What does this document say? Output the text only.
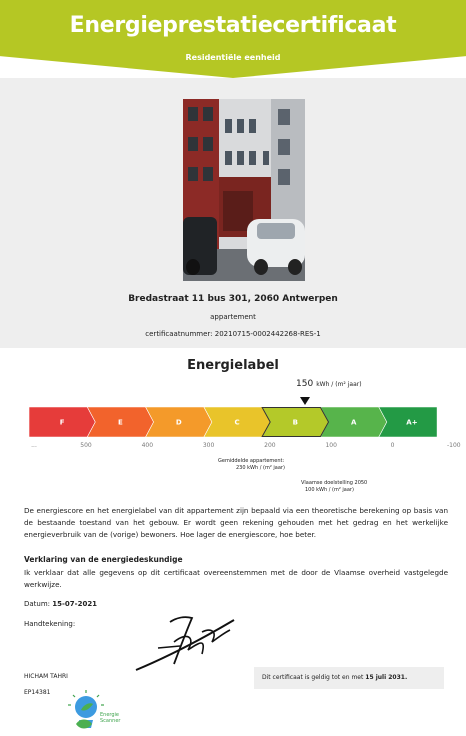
Energieprestatiecertificaat
Residentiële eenheid
Bredastraat 11 bus 301, 2060 Antwerpen
appartement
certificaatnummer: 20210715-0002442268-RES-1
Energielabel
150 kWh / (m² jaar)
F	E	D	C	B	A	A+
...	500	400	300	200	100	0	-100
Gemiddelde appartement:
230 kWh / (m² jaar)
Vlaamse doelstelling 2050
100 kWh / (m² jaar)
De energiescore en het energielabel van dit appartement zijn bepaald via een theoretische berekening op basis van de bestaande toestand van het gebouw. Er wordt geen rekening gehouden met het gedrag en het werkelijke energieverbruik van de (vorige) bewoners. Hoe lager de energiescore, hoe beter.
Verklaring van de energiedeskundige
Ik verklaar dat alle gegevens op dit certificaat overeenstemmen met de door de Vlaamse overheid vastgelegde werkwijze.
Datum: 15-07-2021
Handtekening:
HICHAM TAHRI
EP14381
Dit certificaat is geldig tot en met 15 juli 2031.
Energie
Scanner
